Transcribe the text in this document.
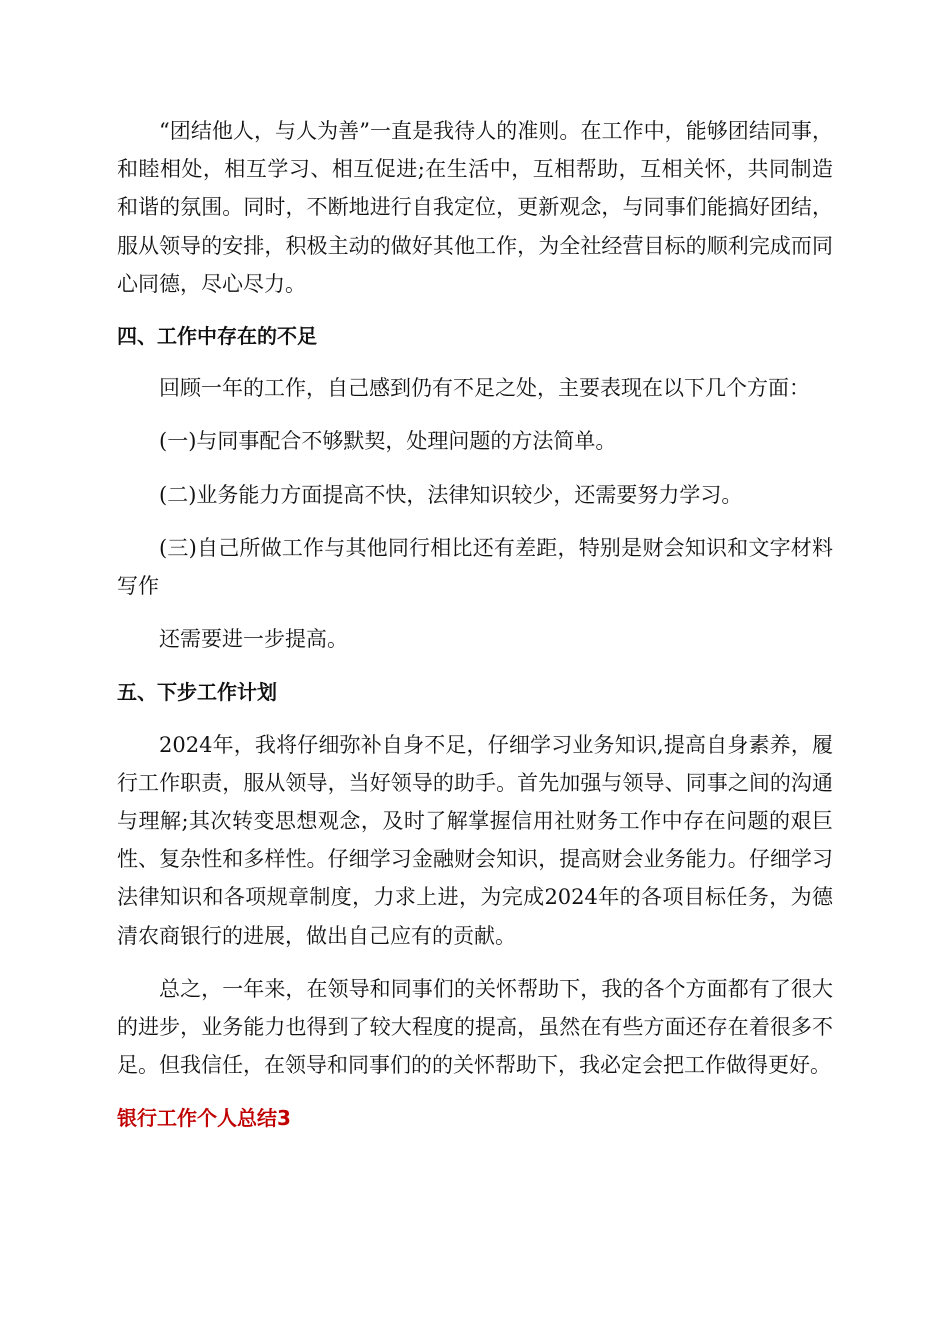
“团结他人，与人为善”一直是我待人的准则。在工作中，能够团结同事，和睦相处，相互学习、相互促进;在生活中，互相帮助，互相关怀，共同制造和谐的氛围。同时，不断地进行自我定位，更新观念，与同事们能搞好团结，服从领导的安排，积极主动的做好其他工作，为全社经营目标的顺利完成而同心同德，尽心尽力。

四、工作中存在的不足

回顾一年的工作，自己感到仍有不足之处，主要表现在以下几个方面：

(一)与同事配合不够默契，处理问题的方法简单。

(二)业务能力方面提高不快，法律知识较少，还需要努力学习。

(三)自己所做工作与其他同行相比还有差距，特别是财会知识和文字材料写作

还需要进一步提高。

五、下步工作计划

2024年，我将仔细弥补自身不足，仔细学习业务知识,提高自身素养，履行工作职责，服从领导，当好领导的助手。首先加强与领导、同事之间的沟通与理解;其次转变思想观念，及时了解掌握信用社财务工作中存在问题的艰巨性、复杂性和多样性。仔细学习金融财会知识，提高财会业务能力。仔细学习法律知识和各项规章制度，力求上进，为完成2024年的各项目标任务，为德清农商银行的进展，做出自己应有的贡献。

总之，一年来，在领导和同事们的关怀帮助下，我的各个方面都有了很大的进步，业务能力也得到了较大程度的提高，虽然在有些方面还存在着很多不足。但我信任，在领导和同事们的的关怀帮助下，我必定会把工作做得更好。

银行工作个人总结3
